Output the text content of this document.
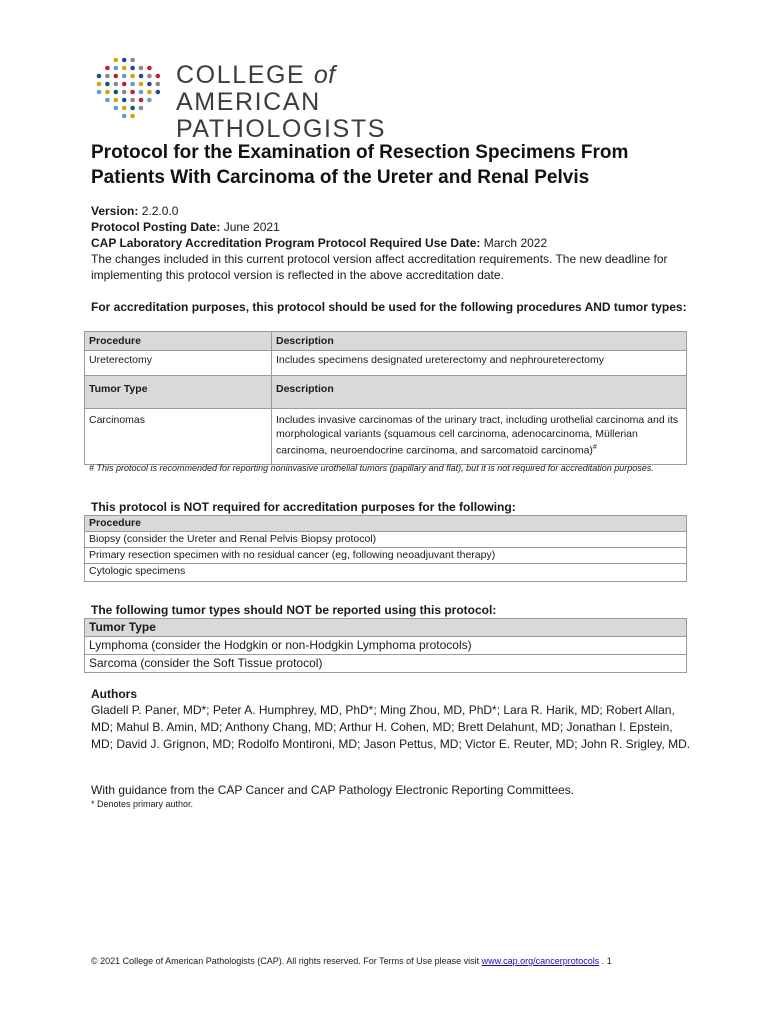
COLLEGE of AMERICAN
PATHOLOGISTS
Protocol for the Examination of Resection Specimens From Patients With Carcinoma of the Ureter and Renal Pelvis
Version: 2.2.0.0
Protocol Posting Date: June 2021
CAP Laboratory Accreditation Program Protocol Required Use Date: March 2022
The changes included in this current protocol version affect accreditation requirements. The new deadline for implementing this protocol version is reflected in the above accreditation date.
For accreditation purposes, this protocol should be used for the following procedures AND tumor types:
Procedure	Description
Ureterectomy	Includes specimens designated ureterectomy and nephroureterectomy
Tumor Type	Description
Carcinomas	Includes invasive carcinomas of the urinary tract, including urothelial carcinoma and its morphological variants (squamous cell carcinoma, adenocarcinoma, Müllerian carcinoma, neuroendocrine carcinoma, and sarcomatoid carcinoma)#
# This protocol is recommended for reporting noninvasive urothelial tumors (papillary and flat), but it is not required for accreditation purposes.
This protocol is NOT required for accreditation purposes for the following:
Procedure
Biopsy (consider the Ureter and Renal Pelvis Biopsy protocol)
Primary resection specimen with no residual cancer (eg, following neoadjuvant therapy)
Cytologic specimens
The following tumor types should NOT be reported using this protocol:
Tumor Type
Lymphoma (consider the Hodgkin or non-Hodgkin Lymphoma protocols)
Sarcoma (consider the Soft Tissue protocol)
Authors
Gladell P. Paner, MD*; Peter A. Humphrey, MD, PhD*; Ming Zhou, MD, PhD*; Lara R. Harik, MD; Robert Allan, MD; Mahul B. Amin, MD; Anthony Chang, MD; Arthur H. Cohen, MD; Brett Delahunt, MD; Jonathan I. Epstein, MD; David J. Grignon, MD; Rodolfo Montironi, MD; Jason Pettus, MD; Victor E. Reuter, MD; John R. Srigley, MD.
With guidance from the CAP Cancer and CAP Pathology Electronic Reporting Committees.
* Denotes primary author.
© 2021 College of American Pathologists (CAP). All rights reserved. For Terms of Use please visit www.cap.org/cancerprotocols . 1
